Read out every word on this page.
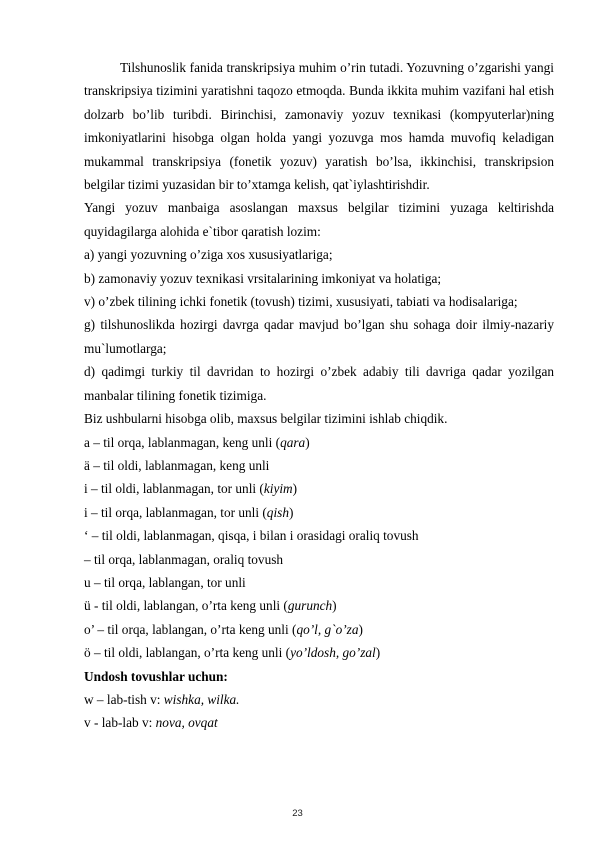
Tilshunoslik fanida transkripsiya muhim o’rin tutadi. Yozuvning o’zgarishi yangi transkripsiya tizimini yaratishni taqozo etmoqda. Bunda ikkita muhim vazifani hal etish dolzarb bo’lib turibdi. Birinchisi, zamonaviy yozuv texnikasi (kompyuterlar)ning imkoniyatlarini hisobga olgan holda yangi yozuvga mos hamda muvofiq keladigan mukammal transkripsiya (fonetik yozuv) yaratish bo’lsa, ikkinchisi, transkripsion belgilar tizimi yuzasidan bir to’xtamga kelish, qat`iylashtirishdir.

Yangi yozuv manbaiga asoslangan maxsus belgilar tizimini yuzaga keltirishda quyidagilarga alohida e`tibor qaratish lozim:

a) yangi yozuvning o’ziga xos xususiyatlariga;

b) zamonaviy yozuv texnikasi vrsitalarining imkoniyat va holatiga;

v) o’zbek tilining ichki fonetik (tovush) tizimi, xususiyati, tabiati va hodisalariga;

g) tilshunoslikda hozirgi davrga qadar mavjud bo’lgan shu sohaga doir ilmiy-nazariy mu`lumotlarga;

d) qadimgi turkiy til davridan to hozirgi o’zbek adabiy tili davriga qadar yozilgan manbalar tilining fonetik tizimiga.

Biz ushbularni hisobga olib, maxsus belgilar tizimini ishlab chiqdik.

a – til orqa, lablanmagan, keng unli (qara)

ä – til oldi, lablanmagan, keng unli

i – til oldi, lablanmagan, tor unli (kiyim)

i – til orqa, lablanmagan, tor unli (qish)

‘ – til oldi, lablanmagan, qisqa, i bilan i orasidagi oraliq tovush

– til orqa, lablanmagan, oraliq tovush

u – til orqa, lablangan, tor unli

ü - til oldi, lablangan, o’rta keng unli (gurunch)

o’ – til orqa, lablangan, o’rta keng unli (qo’l, g`o’za)

ö – til oldi, lablangan, o’rta keng unli (yo’ldosh, go’zal)

Undosh tovushlar uchun:

w – lab-tish v: wishka, wilka.

v - lab-lab v: nova, ovqat

23
